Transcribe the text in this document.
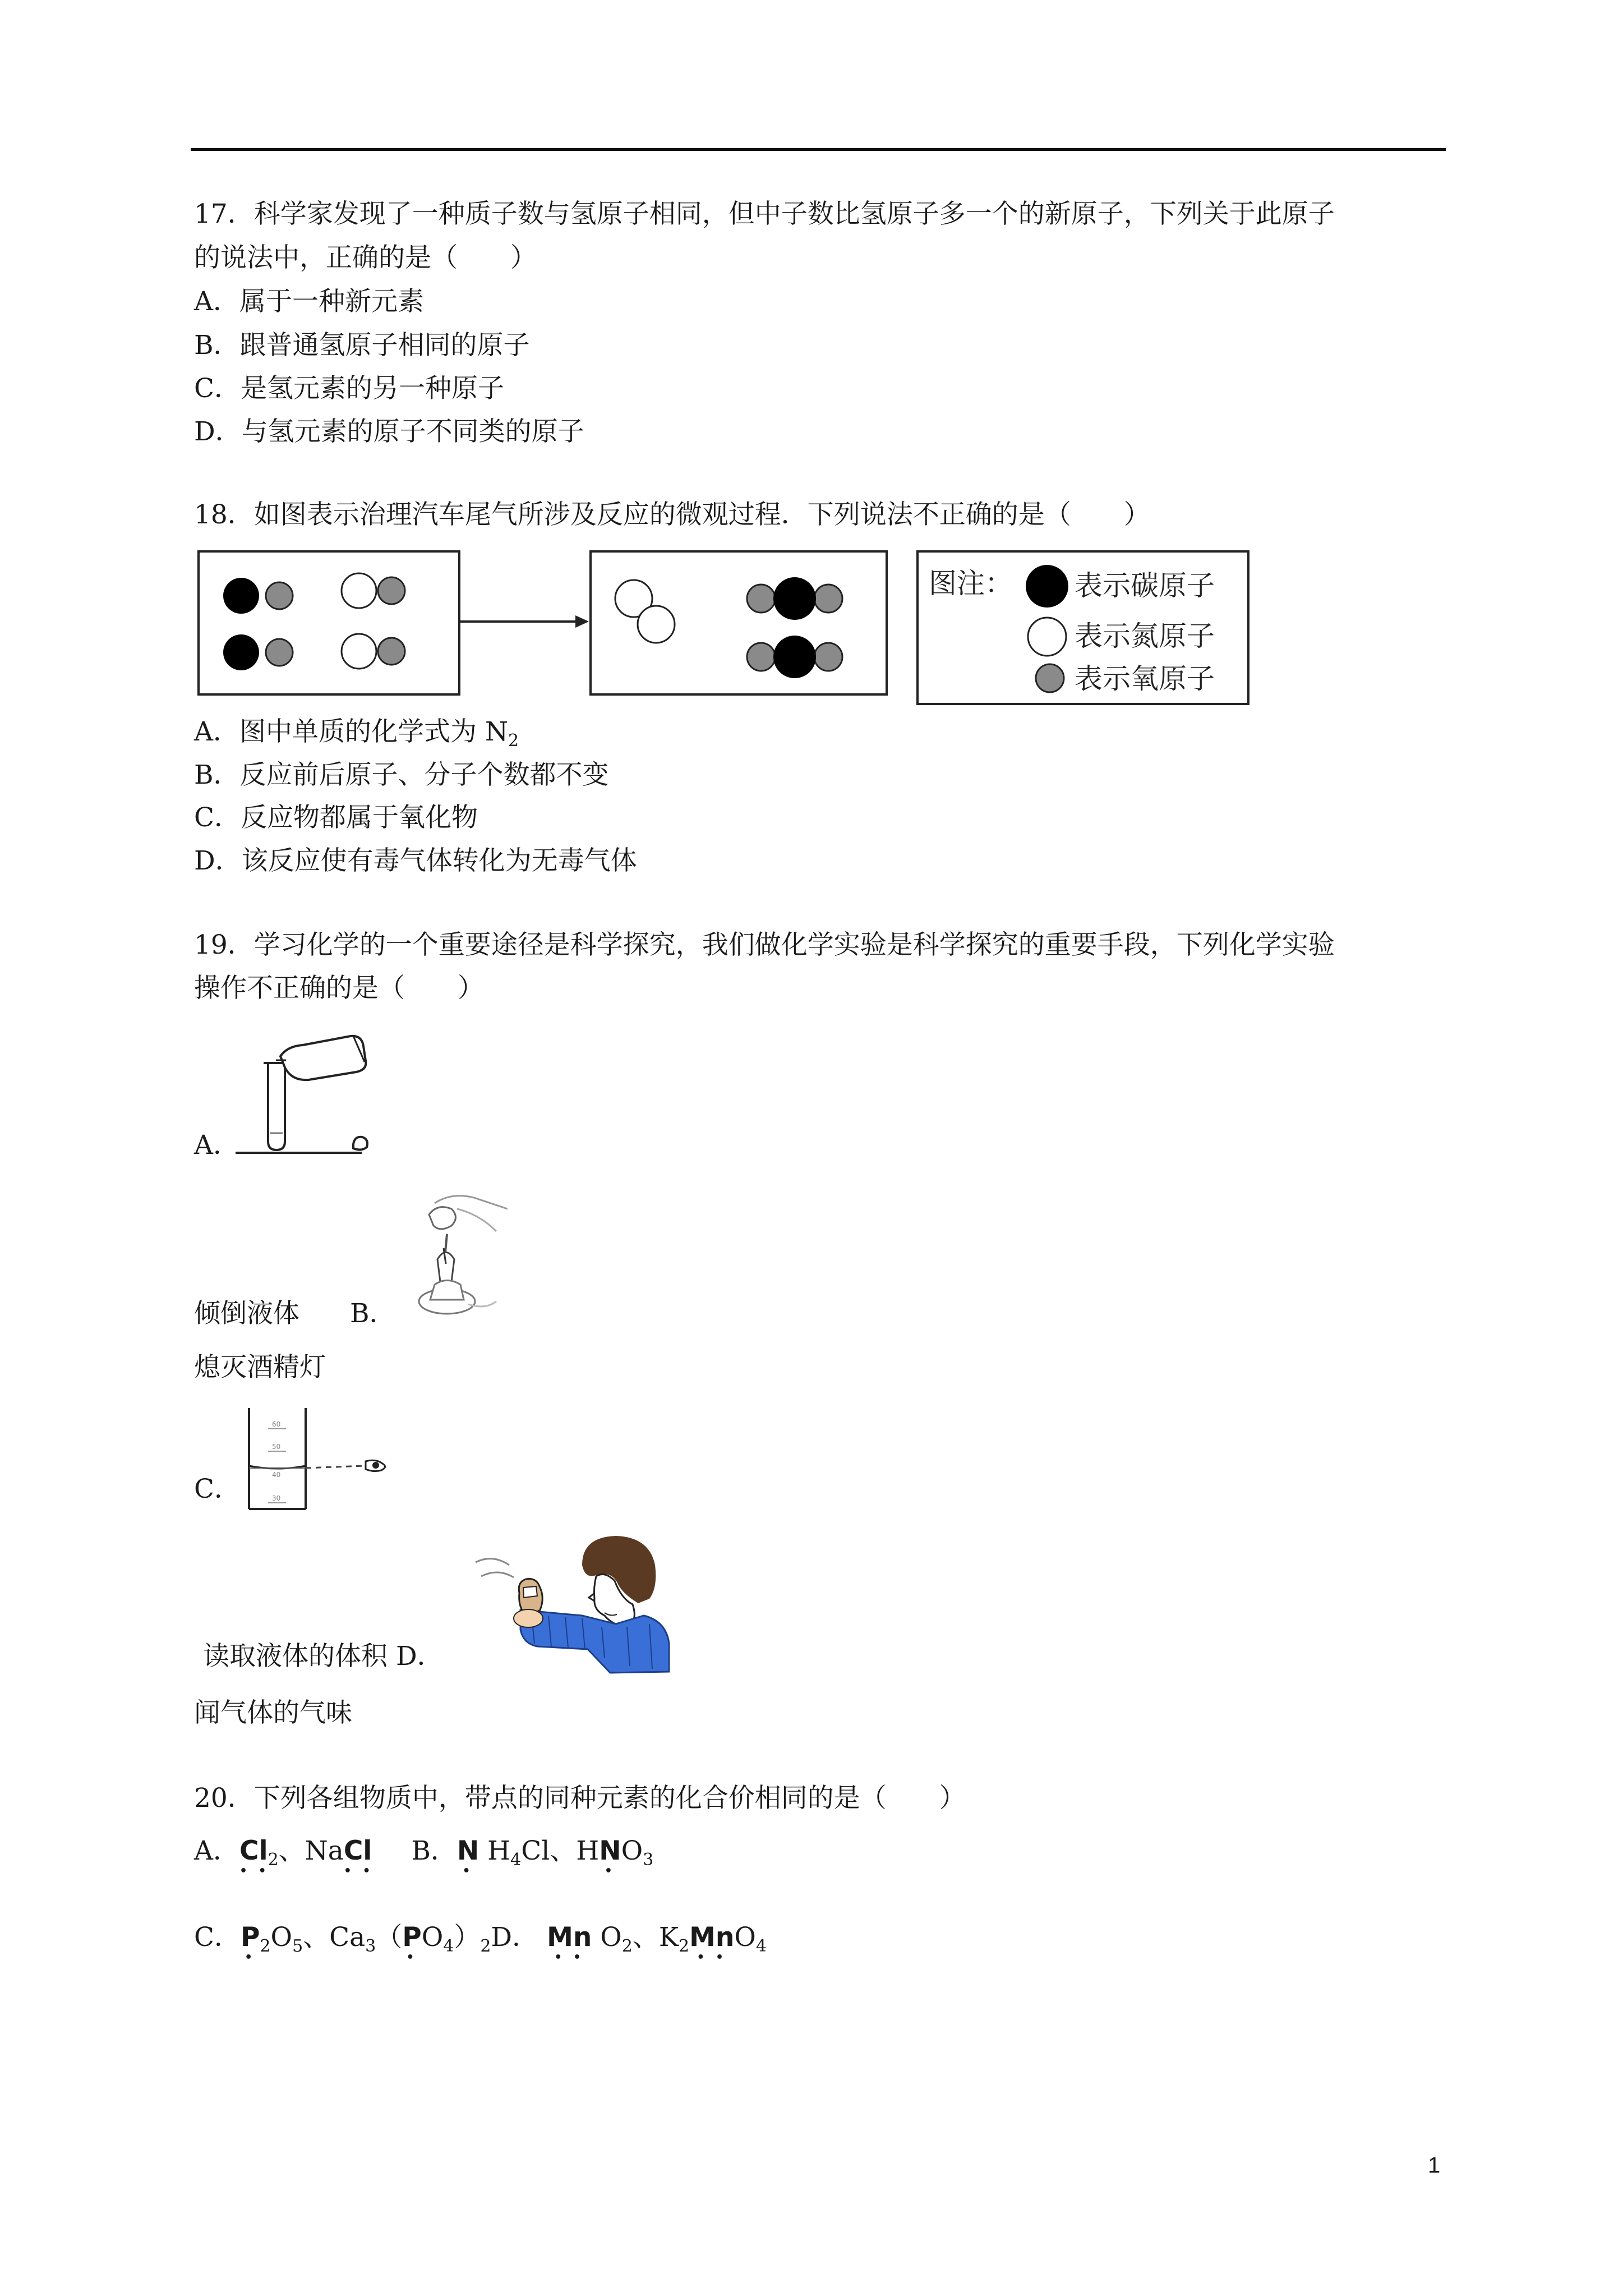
17．科学家发现了一种质子数与氢原子相同，但中子数比氢原子多一个的新原子，下列关于此原子
的说法中，正确的是（　　）
A．属于一种新元素
B．跟普通氢原子相同的原子
C．是氢元素的另一种原子
D．与氢元素的原子不同类的原子
18．如图表示治理汽车尾气所涉及反应的微观过程．下列说法不正确的是（　　）
图注： 表示碳原子
表示氮原子
表示氧原子
A．图中单质的化学式为 $N_2$
B．反应前后原子、分子个数都不变
C．反应物都属于氧化物
D．该反应使有毒气体转化为无毒气体
19．学习化学的一个重要途径是科学探究，我们做化学实验是科学探究的重要手段，下列化学实验
操作不正确的是（　　）
A．
倾倒液体 B．
熄灭酒精灯
C．
60
50
40
30
读取液体的体积 D．
闻气体的气味
20．下列各组物质中，带点的同种元素的化合价相同的是（　　）
A．Cl
• •
$_2$、NaCl
• •
B．N
•
$H_4Cl$、HN
•
$O_3$
C．P
•
$_2O_5$、$Ca_3(P$
•
$O_4)_2D$． Mn
• •
$O_2$、$K_2Mn$
• •
$O_4$
1
